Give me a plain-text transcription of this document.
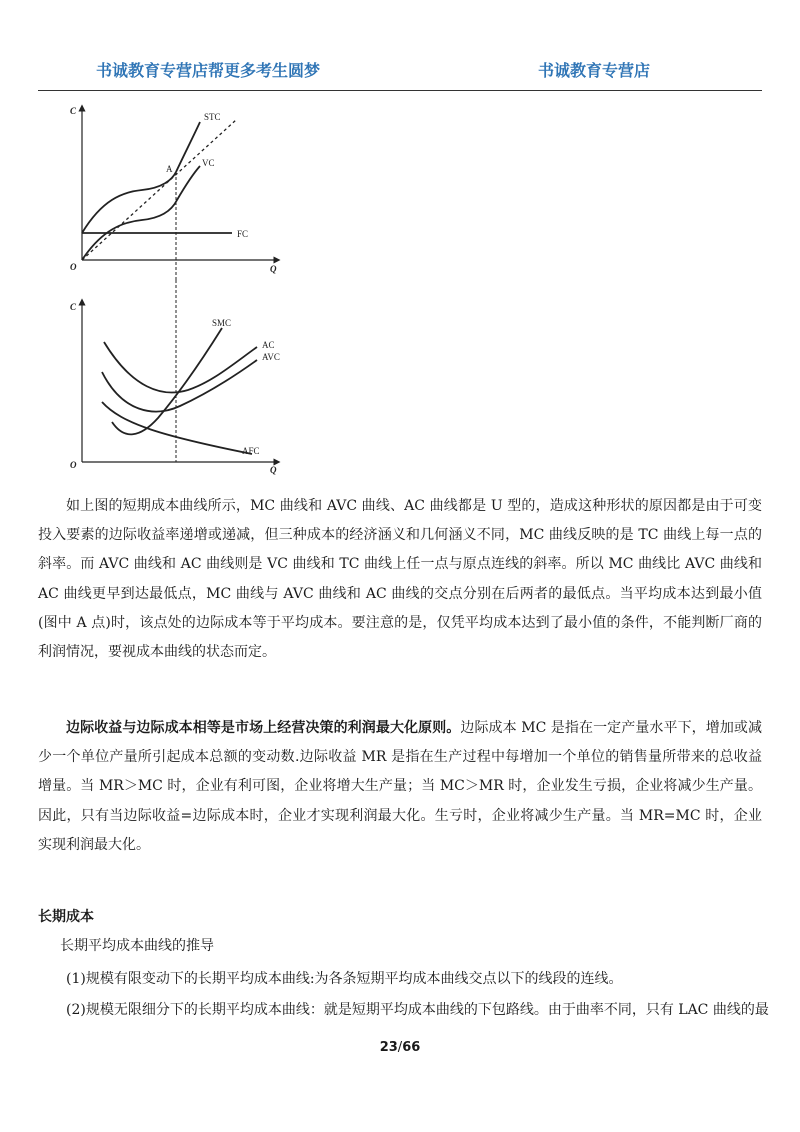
书诚教育专营店帮更多考生圆梦	书诚教育专营店
C
Q
O
STC
VC
FC
A
C
Q
O
SMC
AC
AVC
AFC

如上图的短期成本曲线所示，MC 曲线和 AVC 曲线、AC 曲线都是 U 型的，造成这种形状的原因都是由于可变投入要素的边际收益率递增或递减，但三种成本的经济涵义和几何涵义不同，MC 曲线反映的是 TC 曲线上每一点的斜率。而 AVC 曲线和 AC 曲线则是 VC 曲线和 TC 曲线上任一点与原点连线的斜率。所以 MC 曲线比 AVC 曲线和 AC 曲线更早到达最低点，MC 曲线与 AVC 曲线和 AC 曲线的交点分别在后两者的最低点。当平均成本达到最小值(图中 A 点)时，该点处的边际成本等于平均成本。要注意的是，仅凭平均成本达到了最小值的条件，不能判断厂商的利润情况，要视成本曲线的状态而定。

边际收益与边际成本相等是市场上经营决策的利润最大化原则。边际成本 MC 是指在一定产量水平下，增加或减少一个单位产量所引起成本总额的变动数.边际收益 MR 是指在生产过程中每增加一个单位的销售量所带来的总收益增量。当 MR＞MC 时，企业有利可图，企业将增大生产量；当 MC＞MR 时，企业发生亏损，企业将减少生产量。因此，只有当边际收益=边际成本时，企业才实现利润最大化。生亏时，企业将减少生产量。当 MR=MC 时，企业实现利润最大化。

长期成本
长期平均成本曲线的推导
(1)规模有限变动下的长期平均成本曲线:为各条短期平均成本曲线交点以下的线段的连线。
(2)规模无限细分下的长期平均成本曲线：就是短期平均成本曲线的下包路线。由于曲率不同，只有 LAC 曲线的最
23/66
